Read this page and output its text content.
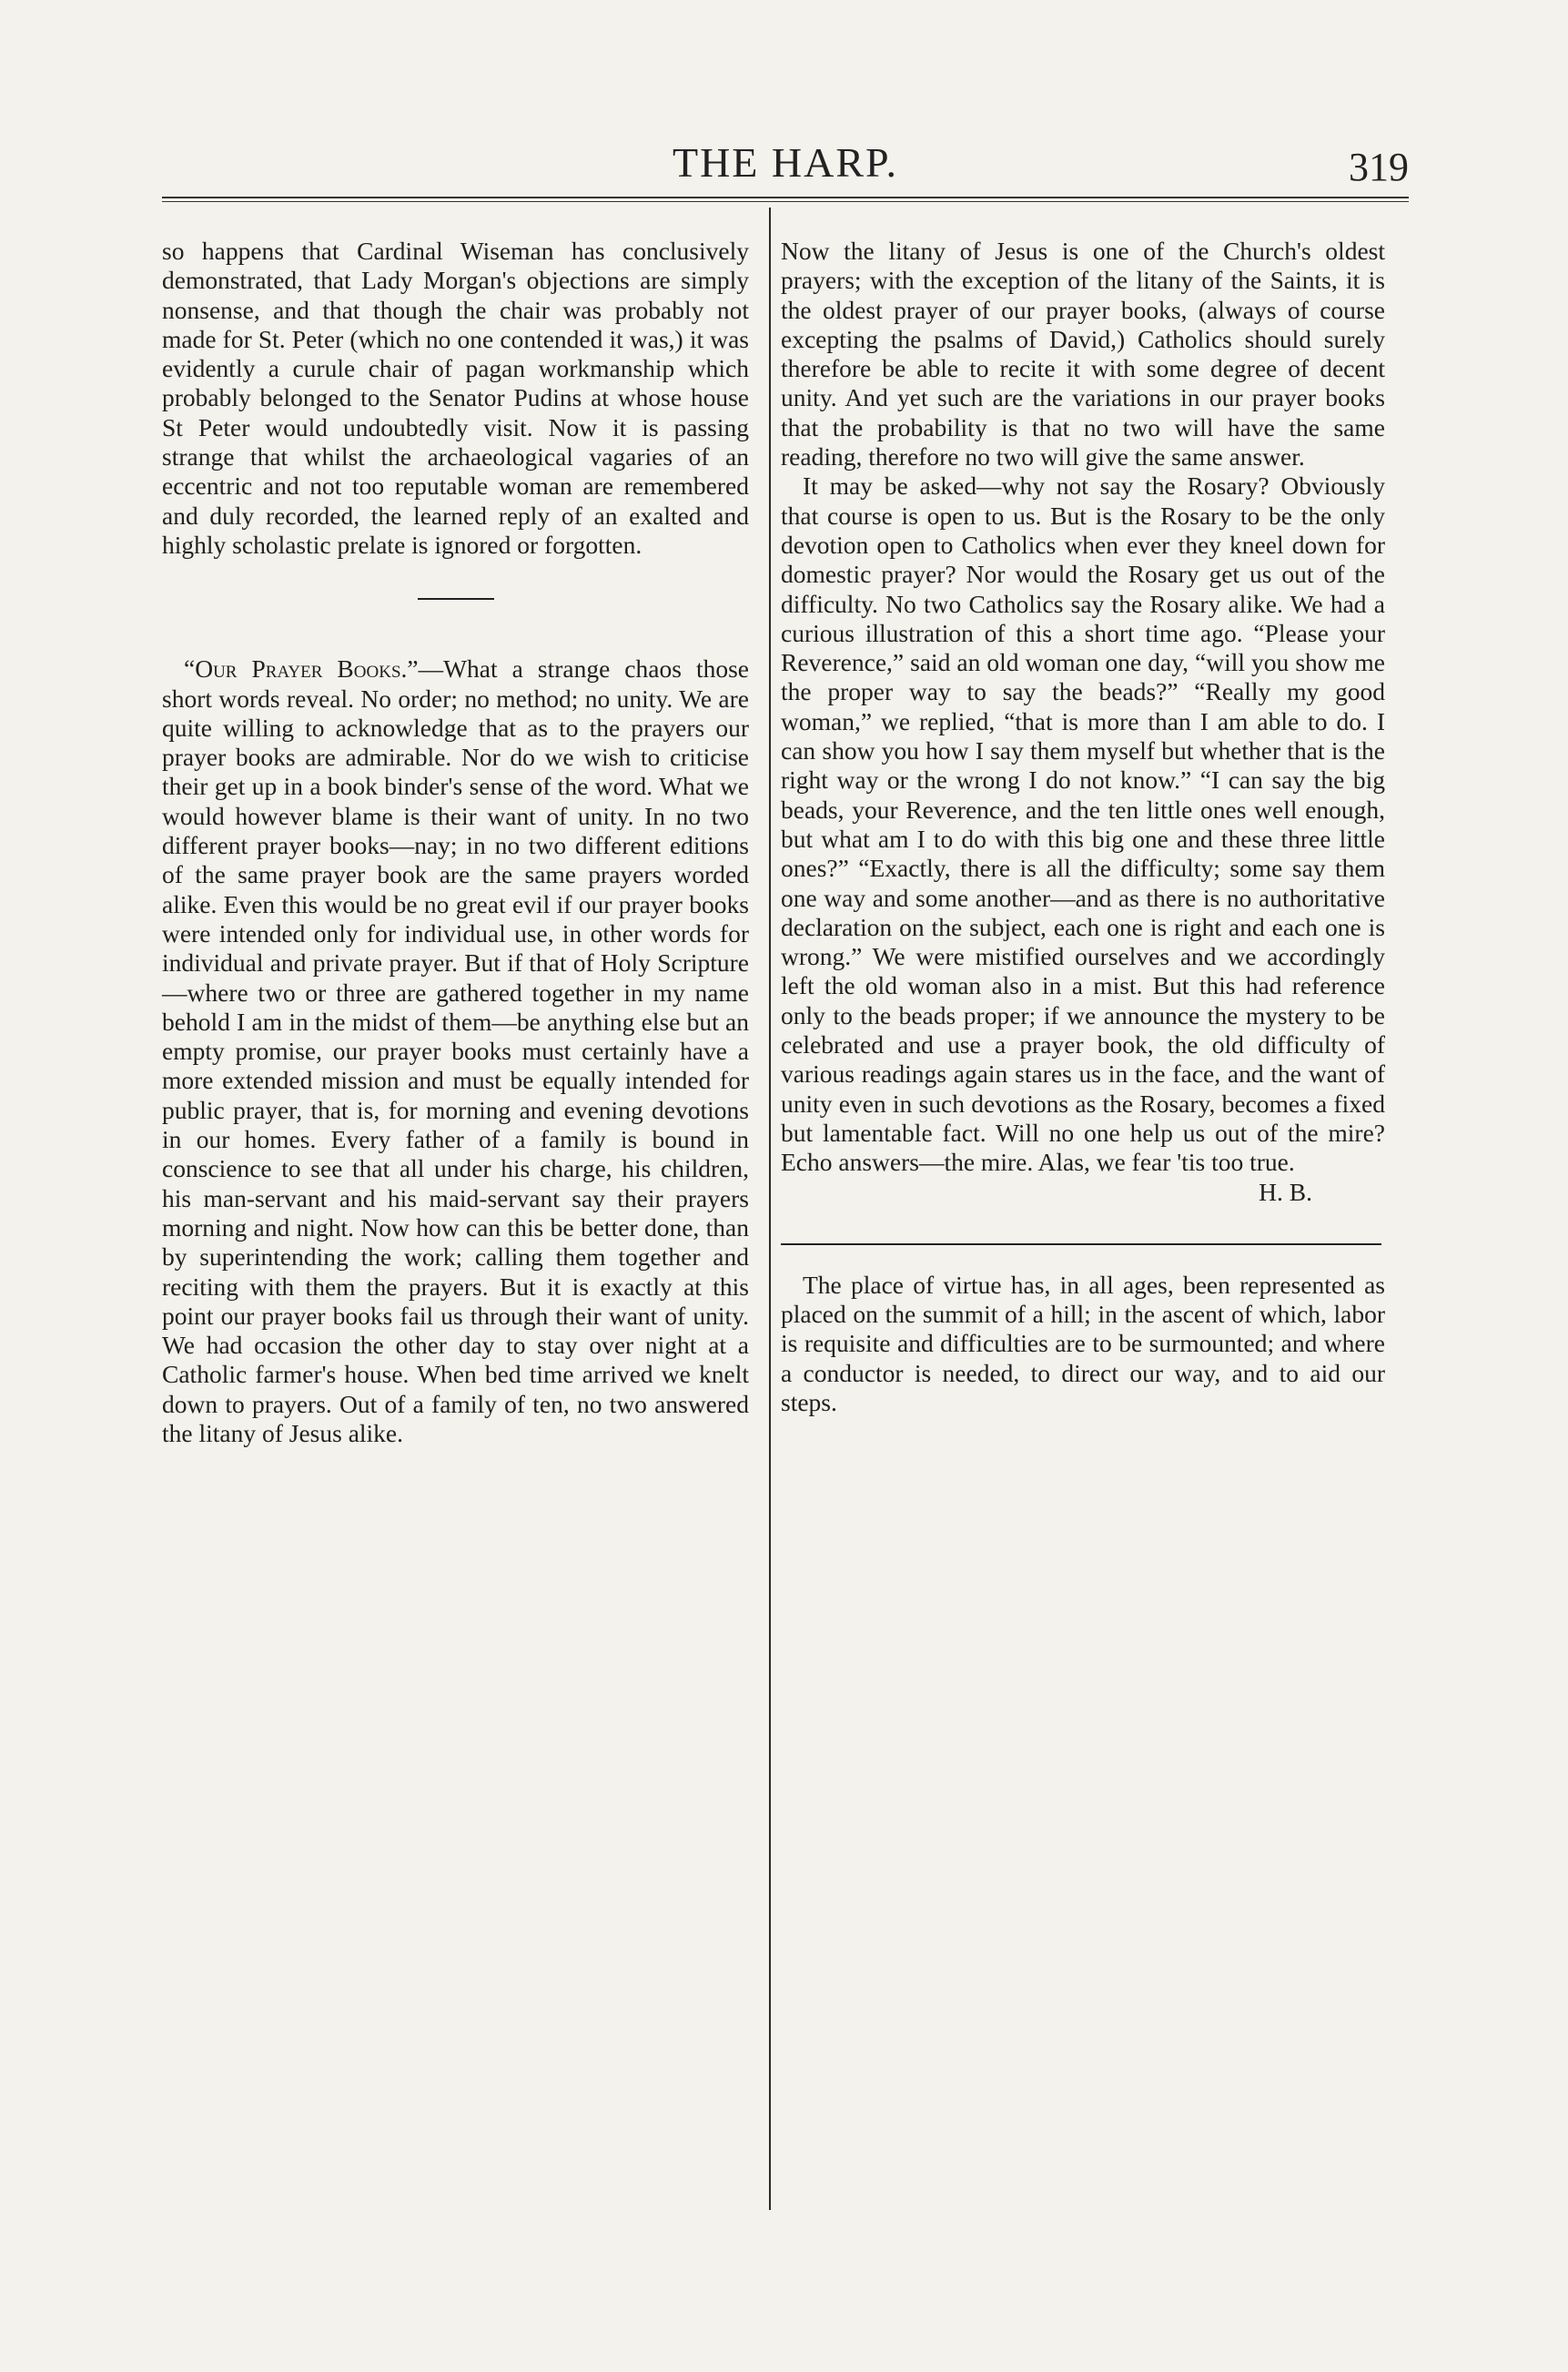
THE HARP.	319

so happens that Cardinal Wiseman has conclusively demonstrated, that Lady Morgan's objections are simply nonsense, and that though the chair was probably not made for St. Peter (which no one contended it was,) it was evidently a curule chair of pagan workmanship which probably belonged to the Senator Pudins at whose house St Peter would undoubtedly visit. Now it is passing strange that whilst the archaeological vagaries of an eccentric and not too reputable woman are remembered and duly recorded, the learned reply of an exalted and highly scholastic prelate is ignored or forgotten.

“Our Prayer Books.”—What a strange chaos those short words reveal. No order; no method; no unity. We are quite willing to acknowledge that as to the prayers our prayer books are admirable. Nor do we wish to criticise their get up in a book binder's sense of the word. What we would however blame is their want of unity. In no two different prayer books—nay; in no two different editions of the same prayer book are the same prayers worded alike. Even this would be no great evil if our prayer books were intended only for individual use, in other words for individual and private prayer. But if that of Holy Scripture—where two or three are gathered together in my name behold I am in the midst of them—be anything else but an empty promise, our prayer books must certainly have a more extended mission and must be equally intended for public prayer, that is, for morning and evening devotions in our homes. Every father of a family is bound in conscience to see that all under his charge, his children, his man-servant and his maid-servant say their prayers morning and night. Now how can this be better done, than by superintending the work; calling them together and reciting with them the prayers. But it is exactly at this point our prayer books fail us through their want of unity. We had occasion the other day to stay over night at a Catholic farmer's house. When bed time arrived we knelt down to prayers. Out of a family of ten, no two answered the litany of Jesus alike.

Now the litany of Jesus is one of the Church's oldest prayers; with the exception of the litany of the Saints, it is the oldest prayer of our prayer books, (always of course excepting the psalms of David,) Catholics should surely therefore be able to recite it with some degree of decent unity. And yet such are the variations in our prayer books that the probability is that no two will have the same reading, therefore no two will give the same answer.

It may be asked—why not say the Rosary? Obviously that course is open to us. But is the Rosary to be the only devotion open to Catholics when ever they kneel down for domestic prayer? Nor would the Rosary get us out of the difficulty. No two Catholics say the Rosary alike. We had a curious illustration of this a short time ago. “Please your Reverence,” said an old woman one day, “will you show me the proper way to say the beads?” “Really my good woman,” we replied, “that is more than I am able to do. I can show you how I say them myself but whether that is the right way or the wrong I do not know.” “I can say the big beads, your Reverence, and the ten little ones well enough, but what am I to do with this big one and these three little ones?” “Exactly, there is all the difficulty; some say them one way and some another—and as there is no authoritative declaration on the subject, each one is right and each one is wrong.” We were mistified ourselves and we accordingly left the old woman also in a mist. But this had reference only to the beads proper; if we announce the mystery to be celebrated and use a prayer book, the old difficulty of various readings again stares us in the face, and the want of unity even in such devotions as the Rosary, becomes a fixed but lamentable fact. Will no one help us out of the mire? Echo answers—the mire. Alas, we fear 'tis too true.
H. B.

The place of virtue has, in all ages, been represented as placed on the summit of a hill; in the ascent of which, labor is requisite and difficulties are to be surmounted; and where a conductor is needed, to direct our way, and to aid our steps.
